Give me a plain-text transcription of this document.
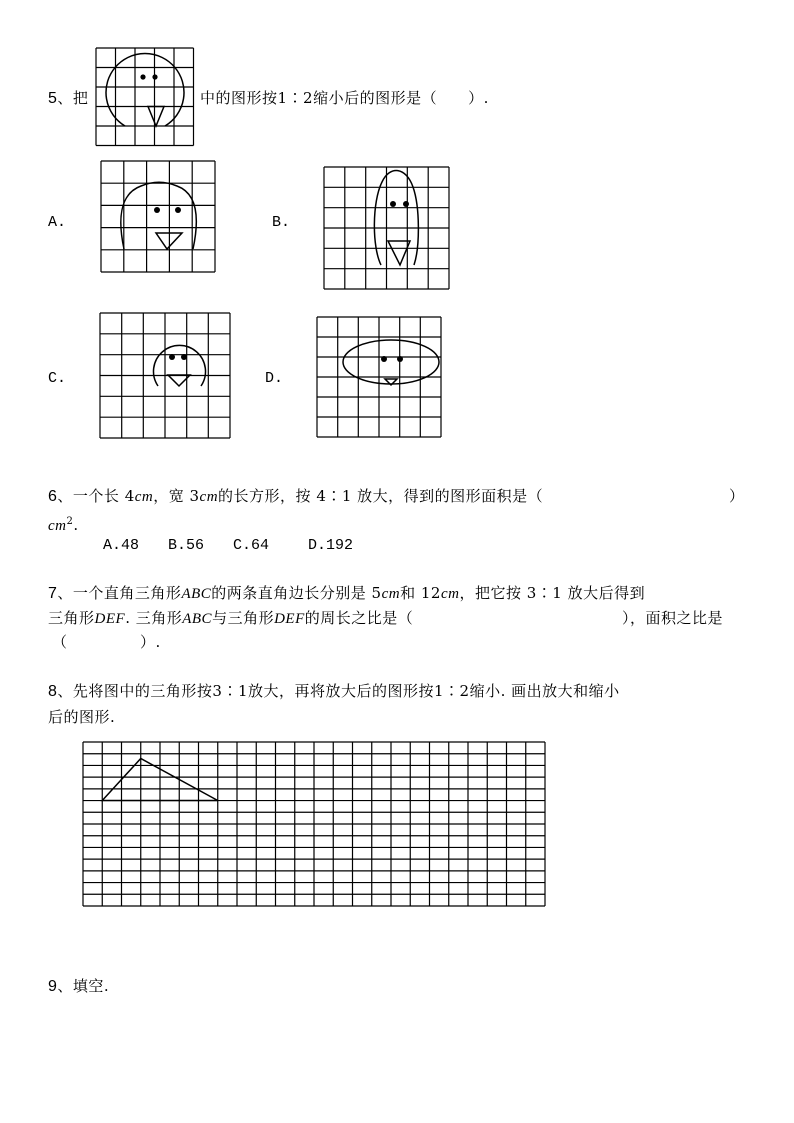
5、把	中的图形按1∶2缩小后的图形是（　　）.
A.	B.
C.	D.
6、一个长 4cm，宽 3cm的长方形，按 4∶1 放大，得到的图形面积是（	）
$cm^2$.
A.48 B.56 C.64	D.192
7、一个直角三角形ABC的两条直角边长分别是 5cm和 12cm，把它按 3∶1 放大后得到
三角形DEF. 三角形ABC与三角形DEF的周长之比是（	），面积之比是
（	）.
8、先将图中的三角形按3∶1放大，再将放大后的图形按1∶2缩小. 画出放大和缩小
后的图形.
9、填空.
